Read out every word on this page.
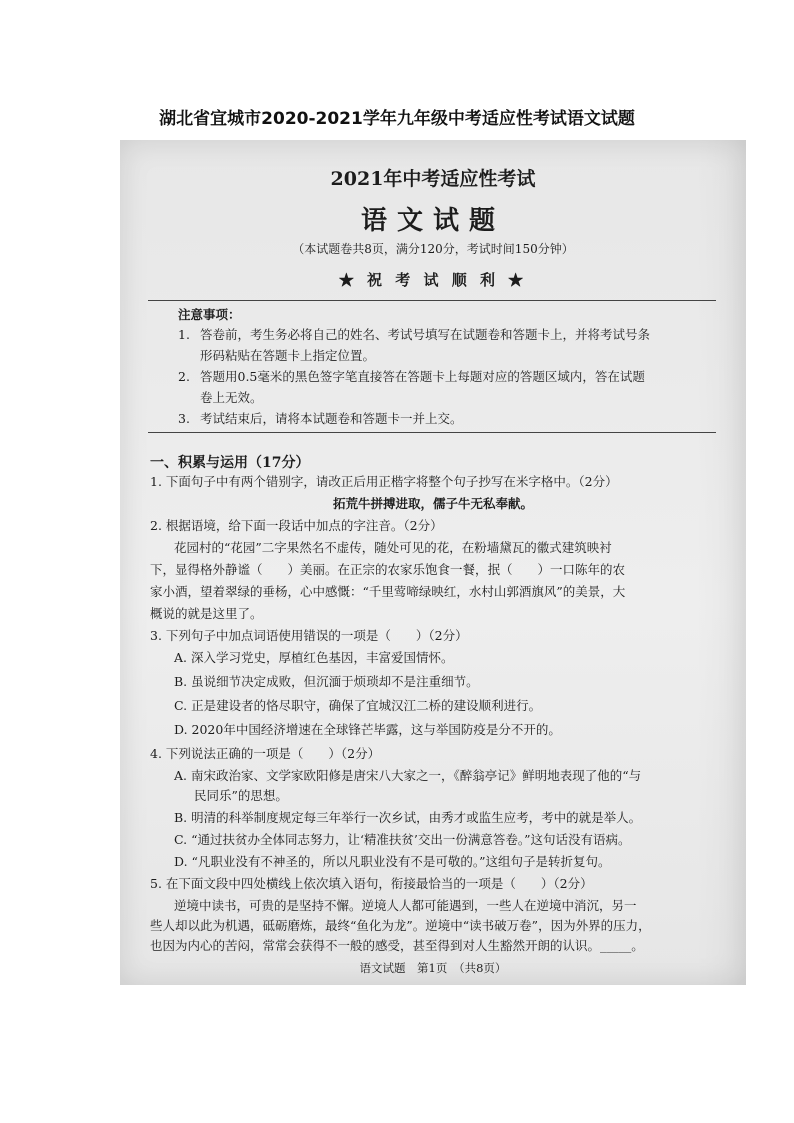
湖北省宜城市2020-2021学年九年级中考适应性考试语文试题
2021年中考适应性考试
语文试题
（本试题卷共8页，满分120分，考试时间150分钟）
★ 祝 考 试 顺 利 ★
注意事项：
1. 答卷前，考生务必将自己的姓名、考试号填写在试题卷和答题卡上，并将考试号条
形码粘贴在答题卡上指定位置。
2. 答题用0.5毫米的黑色签字笔直接答在答题卡上每题对应的答题区域内，答在试题
卷上无效。
3. 考试结束后，请将本试题卷和答题卡一并上交。
一、积累与运用（17分）
1. 下面句子中有两个错别字，请改正后用正楷字将整个句子抄写在米字格中。（2分）
拓荒牛拼搏进取，儒子牛无私奉献。
2. 根据语境，给下面一段话中加点的字注音。（2分）
花园村的“花园”二字果然名不虚传，随处可见的花，在粉墙黛瓦的徽式建筑映衬
下，显得格外静谧（　　）美丽。在正宗的农家乐饱食一餐，抿（　　）一口陈年的农
家小酒，望着翠绿的垂杨，心中感慨：“千里莺啼绿映红，水村山郭酒旗风”的美景，大
概说的就是这里了。
3. 下列句子中加点词语使用错误的一项是（　　）（2分）
A. 深入学习党史，厚植红色基因，丰富爱国情怀。
B. 虽说细节决定成败，但沉湎于烦琐却不是注重细节。
C. 正是建设者的恪尽职守，确保了宜城汉江二桥的建设顺利进行。
D. 2020年中国经济增速在全球锋芒毕露，这与举国防疫是分不开的。
4. 下列说法正确的一项是（　　）（2分）
A. 南宋政治家、文学家欧阳修是唐宋八大家之一，《醉翁亭记》鲜明地表现了他的“与
民同乐”的思想。
B. 明清的科举制度规定每三年举行一次乡试，由秀才或监生应考，考中的就是举人。
C. “通过扶贫办全体同志努力，让‘精准扶贫’交出一份满意答卷。”这句话没有语病。
D. “凡职业没有不神圣的，所以凡职业没有不是可敬的。”这组句子是转折复句。
5. 在下面文段中四处横线上依次填入语句，衔接最恰当的一项是（　　）（2分）
逆境中读书，可贵的是坚持不懈。逆境人人都可能遇到，一些人在逆境中消沉，另一
些人却以此为机遇，砥砺磨炼，最终“鱼化为龙”。逆境中“读书破万卷”，因为外界的压力，
也因为内心的苦闷，常常会获得不一般的感受，甚至得到对人生豁然开朗的认识。_____。
语文试题　第1页　（共8页）
